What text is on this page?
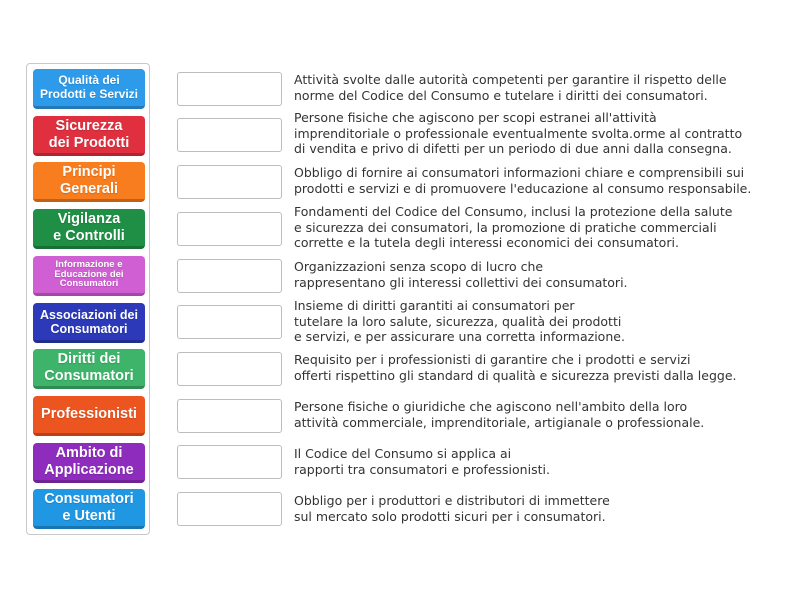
Qualità dei
Prodotti e Servizi
Sicurezza
dei Prodotti
Principi
Generali
Vigilanza
e Controlli
Informazione e
Educazione dei
Consumatori
Associazioni dei
Consumatori
Diritti dei
Consumatori
Professionisti
Ambito di
Applicazione
Consumatori
e Utenti
Attività svolte dalle autorità competenti per garantire il rispetto delle
norme del Codice del Consumo e tutelare i diritti dei consumatori.
Persone fisiche che agiscono per scopi estranei all'attività
imprenditoriale o professionale eventualmente svolta.orme al contratto
di vendita e privo di difetti per un periodo di due anni dalla consegna.
Obbligo di fornire ai consumatori informazioni chiare e comprensibili sui
prodotti e servizi e di promuovere l'educazione al consumo responsabile.
Fondamenti del Codice del Consumo, inclusi la protezione della salute
e sicurezza dei consumatori, la promozione di pratiche commerciali
corrette e la tutela degli interessi economici dei consumatori.
Organizzazioni senza scopo di lucro che
rappresentano gli interessi collettivi dei consumatori.
Insieme di diritti garantiti ai consumatori per
tutelare la loro salute, sicurezza, qualità dei prodotti
e servizi, e per assicurare una corretta informazione.
Requisito per i professionisti di garantire che i prodotti e servizi
offerti rispettino gli standard di qualità e sicurezza previsti dalla legge.
Persone fisiche o giuridiche che agiscono nell'ambito della loro
attività commerciale, imprenditoriale, artigianale o professionale.
Il Codice del Consumo si applica ai
rapporti tra consumatori e professionisti.
Obbligo per i produttori e distributori di immettere
sul mercato solo prodotti sicuri per i consumatori.
